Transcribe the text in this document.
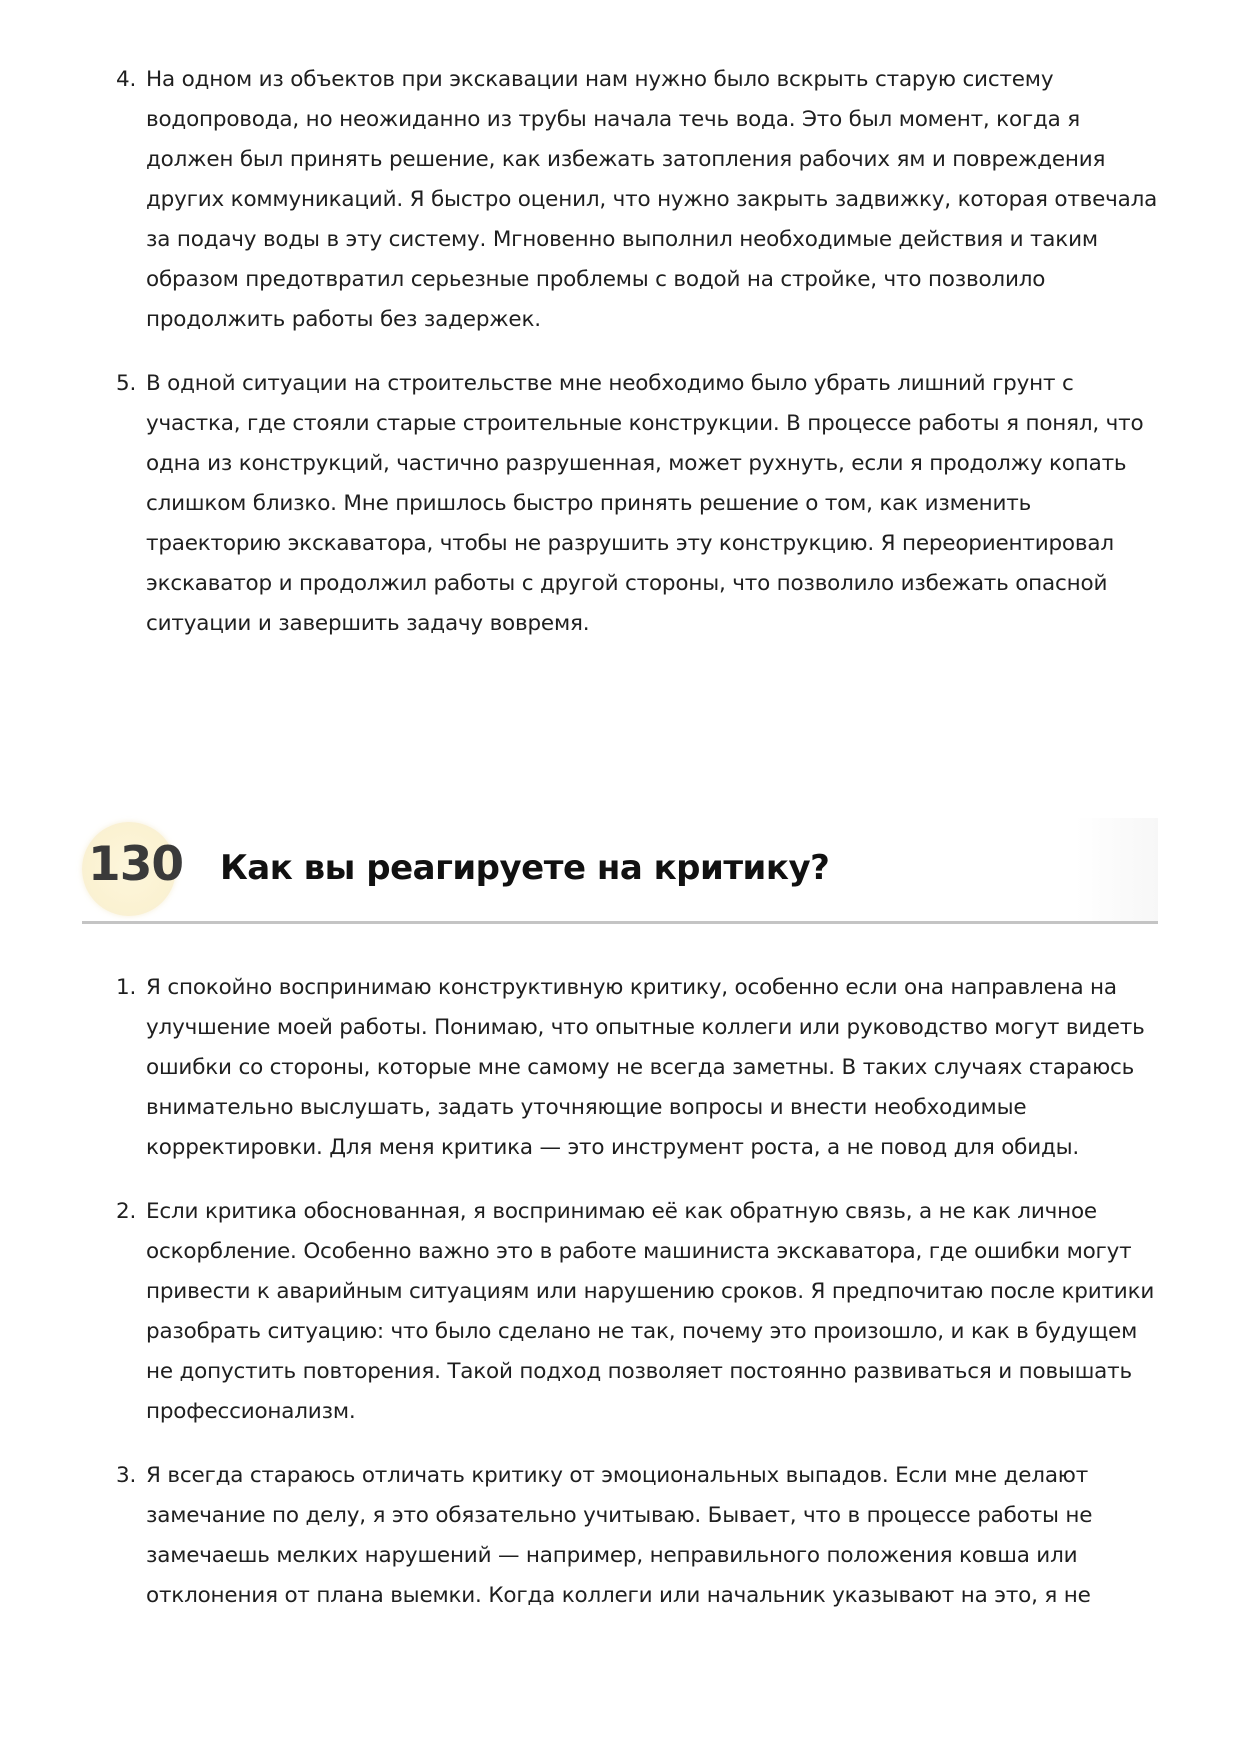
4. На одном из объектов при экскавации нам нужно было вскрыть старую систему водопровода, но неожиданно из трубы начала течь вода. Это был момент, когда я должен был принять решение, как избежать затопления рабочих ям и повреждения других коммуникаций. Я быстро оценил, что нужно закрыть задвижку, которая отвечала за подачу воды в эту систему. Мгновенно выполнил необходимые действия и таким образом предотвратил серьезные проблемы с водой на стройке, что позволило продолжить работы без задержек.
5. В одной ситуации на строительстве мне необходимо было убрать лишний грунт с участка, где стояли старые строительные конструкции. В процессе работы я понял, что одна из конструкций, частично разрушенная, может рухнуть, если я продолжу копать слишком близко. Мне пришлось быстро принять решение о том, как изменить траекторию экскаватора, чтобы не разрушить эту конструкцию. Я переориентировал экскаватор и продолжил работы с другой стороны, что позволило избежать опасной ситуации и завершить задачу вовремя.
130 Как вы реагируете на критику?
1. Я спокойно воспринимаю конструктивную критику, особенно если она направлена на улучшение моей работы. Понимаю, что опытные коллеги или руководство могут видеть ошибки со стороны, которые мне самому не всегда заметны. В таких случаях стараюсь внимательно выслушать, задать уточняющие вопросы и внести необходимые корректировки. Для меня критика — это инструмент роста, а не повод для обиды.
2. Если критика обоснованная, я воспринимаю её как обратную связь, а не как личное оскорбление. Особенно важно это в работе машиниста экскаватора, где ошибки могут привести к аварийным ситуациям или нарушению сроков. Я предпочитаю после критики разобрать ситуацию: что было сделано не так, почему это произошло, и как в будущем не допустить повторения. Такой подход позволяет постоянно развиваться и повышать профессионализм.
3. Я всегда стараюсь отличать критику от эмоциональных выпадов. Если мне делают замечание по делу, я это обязательно учитываю. Бывает, что в процессе работы не замечаешь мелких нарушений — например, неправильного положения ковша или отклонения от плана выемки. Когда коллеги или начальник указывают на это, я не
